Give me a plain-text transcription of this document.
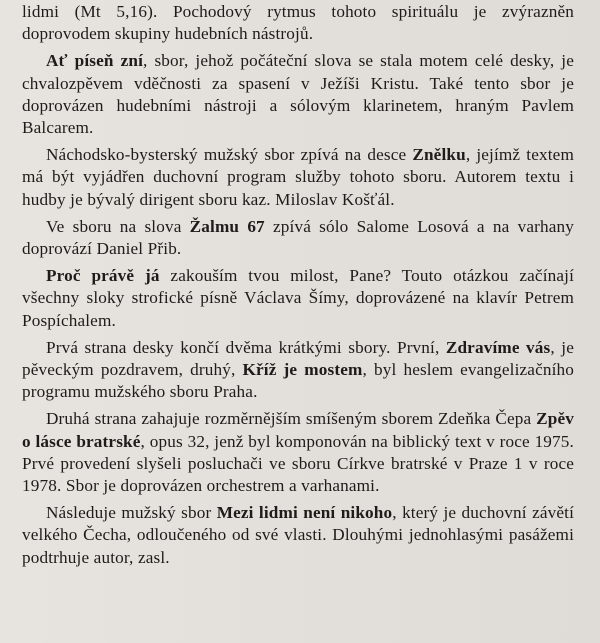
lidmi (Mt 5,16). Pochodový rytmus tohoto spirituálu je zvýrazněn doprovodem skupiny hudebních nástrojů.

Ať píseň zní, sbor, jehož počáteční slova se stala motem celé desky, je chvalozpěvem vděčnosti za spasení v Ježíši Kristu. Také tento sbor je doprovázen hudebními nástroji a sólovým klarinetem, hraným Pavlem Balcarem.

Náchodsko-bysterský mužský sbor zpívá na desce Znělku, jejímž textem má být vyjádřen duchovní program služby tohoto sboru. Autorem textu i hudby je bývalý dirigent sboru kaz. Miloslav Košťál.

Ve sboru na slova Žalmu 67 zpívá sólo Salome Losová a na varhany doprovází Daniel Přib.

Proč právě já zakouším tvou milost, Pane? Touto otázkou začínají všechny sloky strofické písně Václava Šímy, doprovázené na klavír Petrem Pospíchalem.

Prvá strana desky končí dvěma krátkými sbory. První, Zdravíme vás, je pěveckým pozdravem, druhý, Kříž je mostem, byl heslem evangelizačního programu mužského sboru Praha.

Druhá strana zahajuje rozměrnějším smíšeným sborem Zdeňka Čepa Zpěv o lásce bratrské, opus 32, jenž byl komponován na biblický text v roce 1975. Prvé provedení slyšeli posluchači ve sboru Církve bratrské v Praze 1 v roce 1978. Sbor je doprovázen orchestrem a varhanami.

Následuje mužský sbor Mezi lidmi není nikoho, který je duchovní závětí velkého Čecha, odloučeného od své vlasti. Dlouhými jednohlasými pasážemi podtrhuje autor, zasl.
